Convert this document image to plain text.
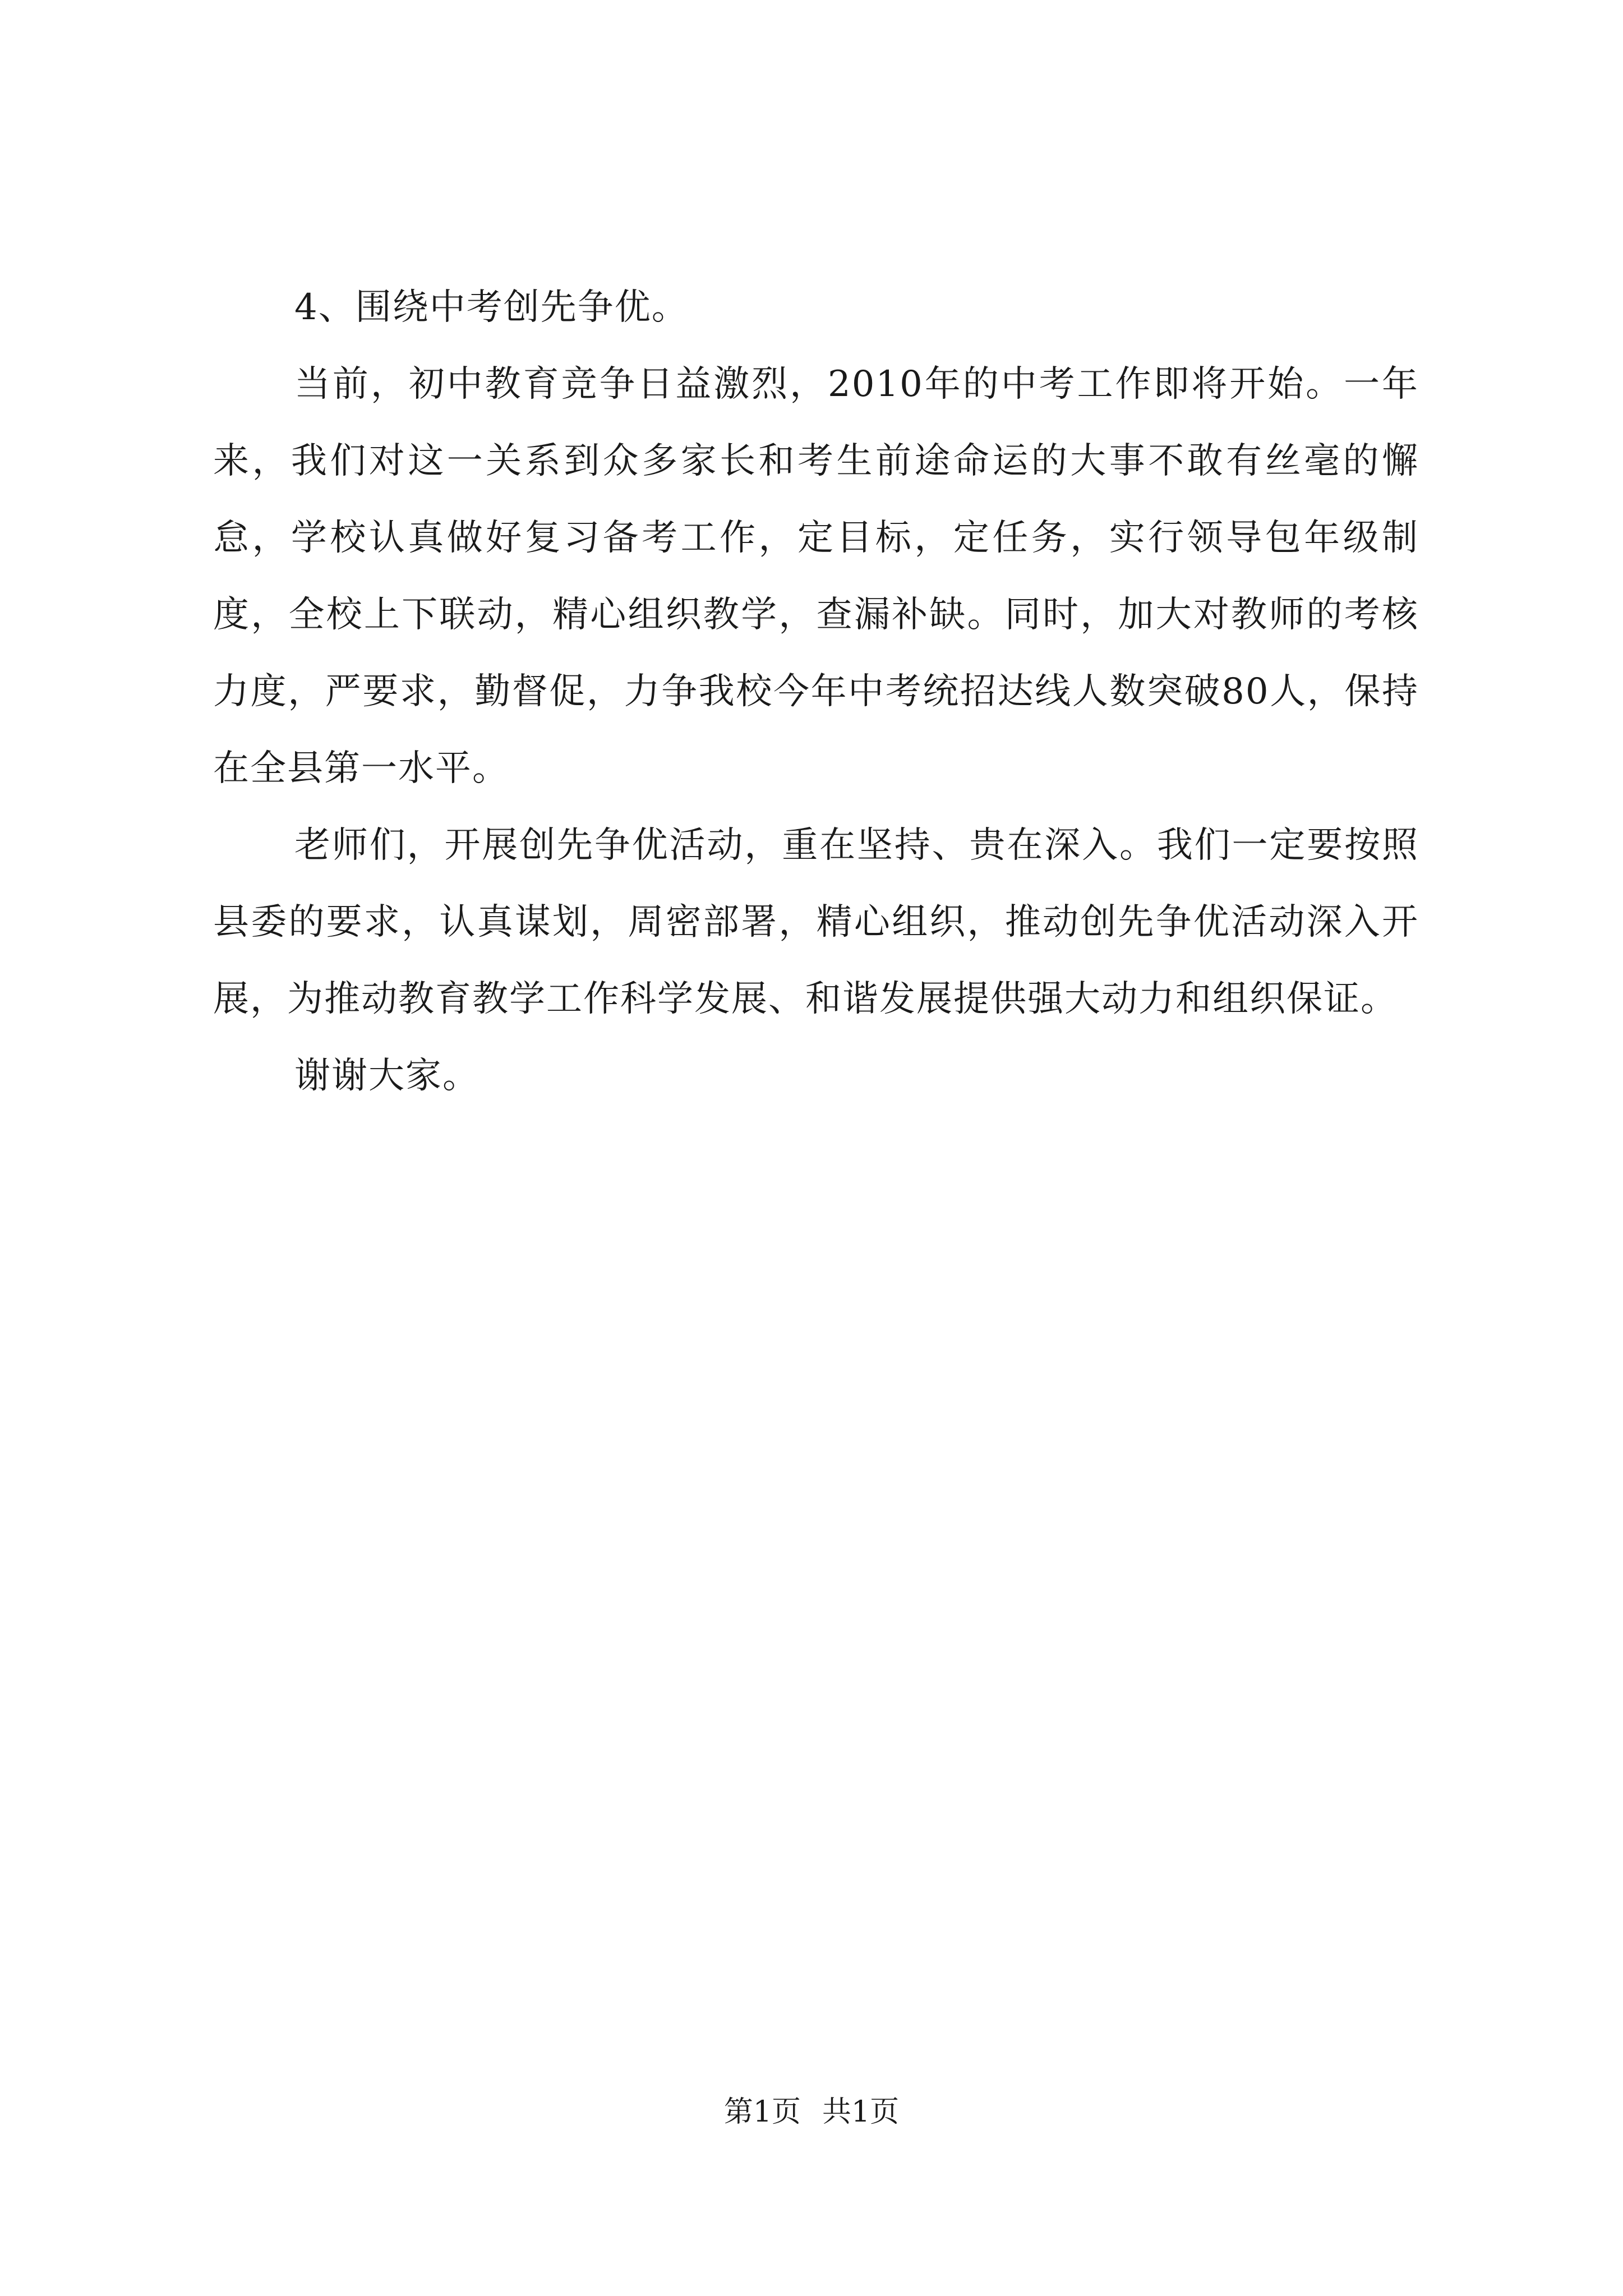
4、围绕中考创先争优。

当前，初中教育竞争日益激烈，2010年的中考工作即将开始。一年来，我们对这一关系到众多家长和考生前途命运的大事不敢有丝毫的懈怠，学校认真做好复习备考工作，定目标，定任务，实行领导包年级制度，全校上下联动，精心组织教学，查漏补缺。同时，加大对教师的考核力度，严要求，勤督促，力争我校今年中考统招达线人数突破80人，保持在全县第一水平。

老师们，开展创先争优活动，重在坚持、贵在深入。我们一定要按照县委的要求，认真谋划，周密部署，精心组织，推动创先争优活动深入开展，为推动教育教学工作科学发展、和谐发展提供强大动力和组织保证。

谢谢大家。

第1页 共1页
